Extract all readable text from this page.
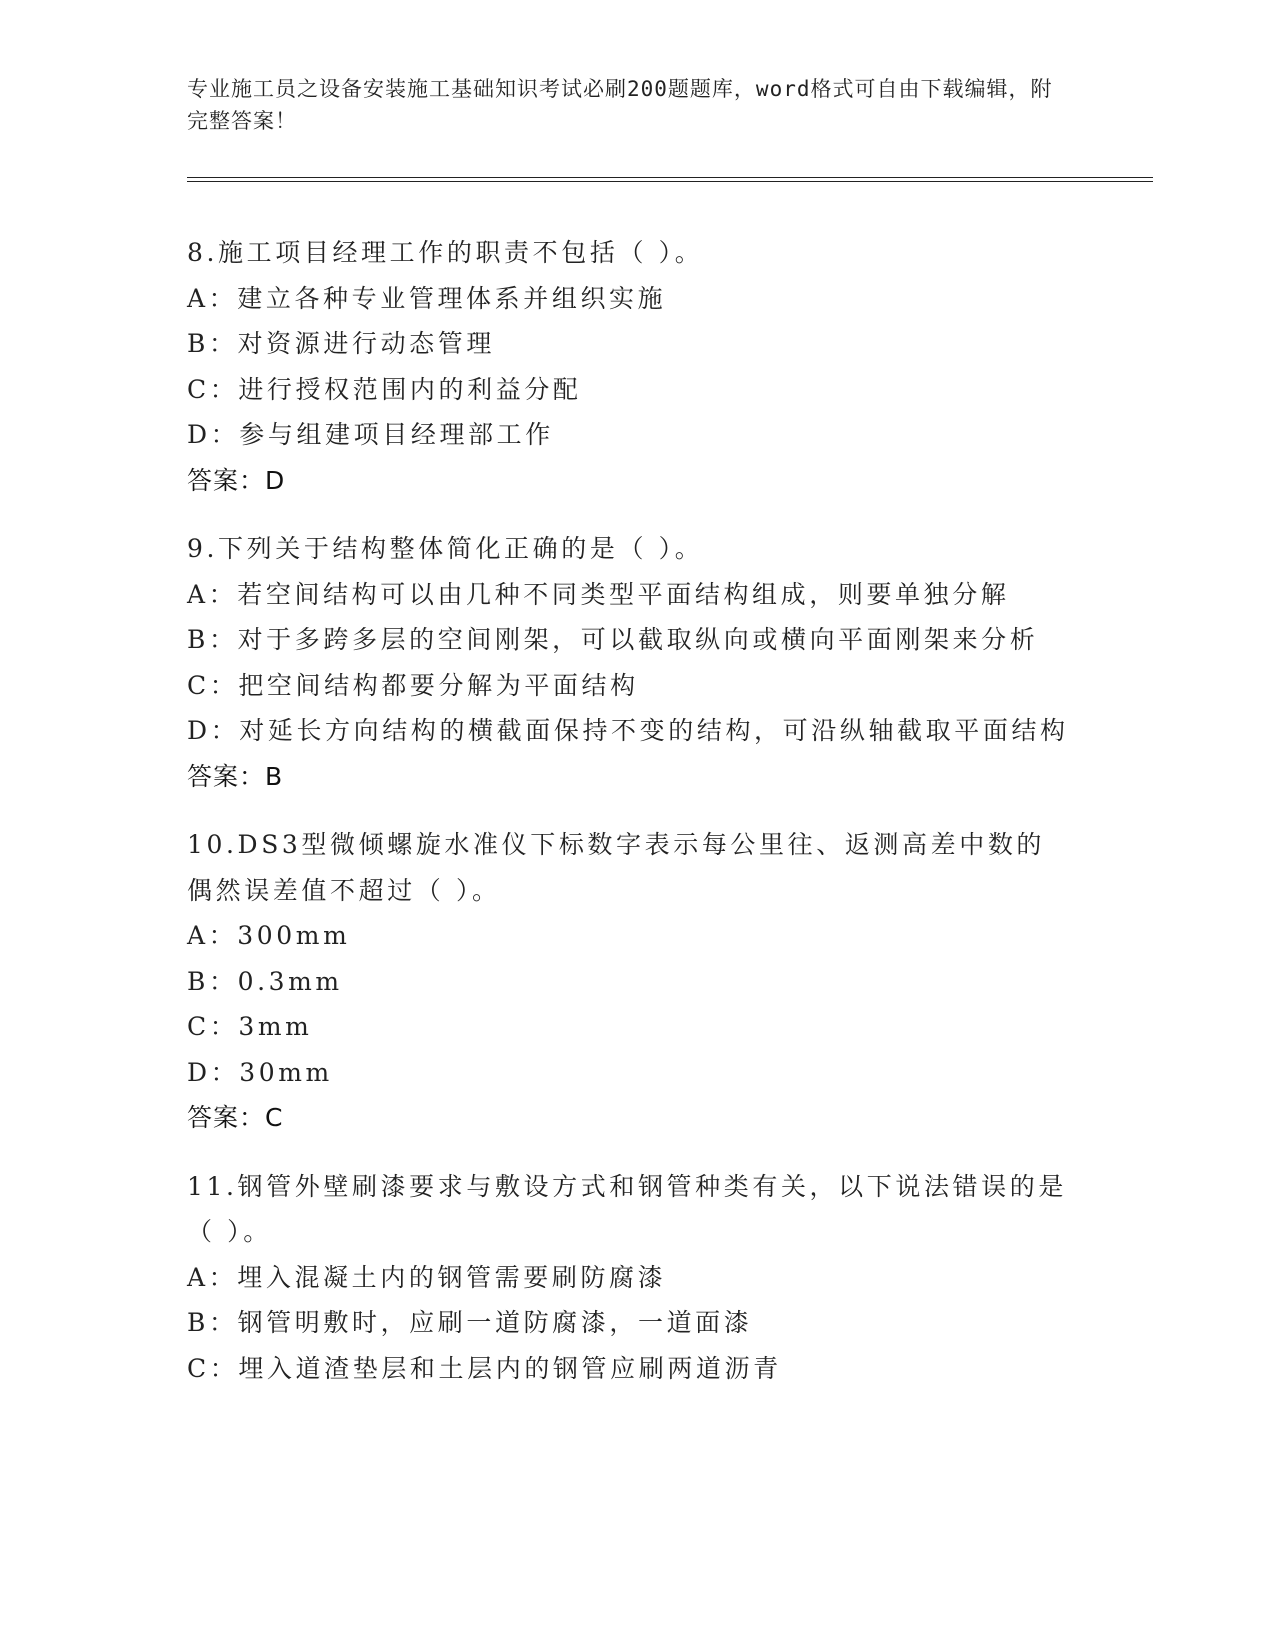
专业施工员之设备安装施工基础知识考试必刷200题题库，word格式可自由下载编辑，附完整答案！
8.施工项目经理工作的职责不包括（ ）。
A：建立各种专业管理体系并组织实施
B：对资源进行动态管理
C：进行授权范围内的利益分配
D：参与组建项目经理部工作
答案：D
9.下列关于结构整体简化正确的是（ ）。
A：若空间结构可以由几种不同类型平面结构组成，则要单独分解
B：对于多跨多层的空间刚架，可以截取纵向或横向平面刚架来分析
C：把空间结构都要分解为平面结构
D：对延长方向结构的横截面保持不变的结构，可沿纵轴截取平面结构
答案：B
10.DS3型微倾螺旋水准仪下标数字表示每公里往、返测高差中数的偶然误差值不超过（ ）。
A：300mm
B：0.3mm
C：3mm
D：30mm
答案：C
11.钢管外壁刷漆要求与敷设方式和钢管种类有关，以下说法错误的是（ ）。
A：埋入混凝土内的钢管需要刷防腐漆
B：钢管明敷时，应刷一道防腐漆，一道面漆
C：埋入道渣垫层和土层内的钢管应刷两道沥青
